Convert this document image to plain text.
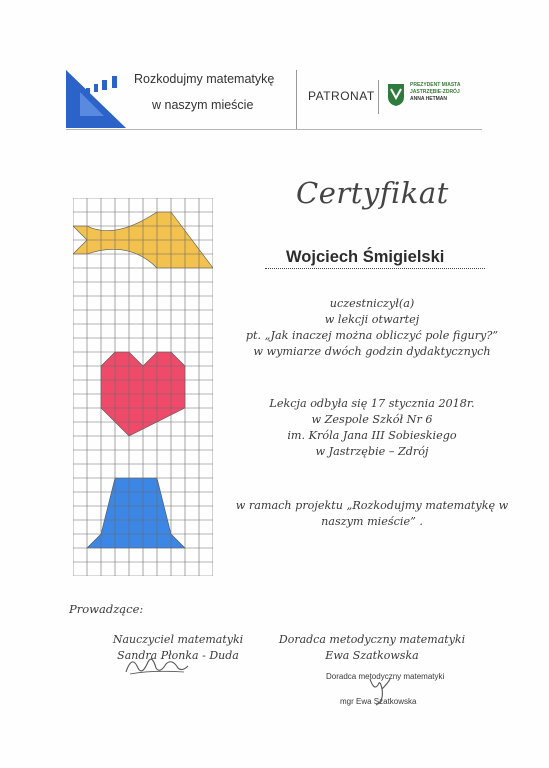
Rozkodujmy matematykę
w naszym mieście
PATRONAT
PREZYDENT MIASTA
JASTRZĘBIE-ZDRÓJ
ANNA HETMAN
Certyfikat
Wojciech Śmigielski
uczestniczył(a)
w lekcji otwartej
pt. „Jak inaczej można obliczyć pole figury?”
w wymiarze dwóch godzin dydaktycznych
Lekcja odbyła się 17 stycznia 2018r.
w Zespole Szkół Nr 6
im. Króla Jana III Sobieskiego
w Jastrzębie – Zdrój
w ramach projektu „Rozkodujmy matematykę w
naszym mieście” .
Prowadzące:
Nauczyciel matematyki
Sandra Płonka - Duda
Doradca metodyczny matematyki
Ewa Szatkowska
Doradca metodyczny matematyki
mgr Ewa Szatkowska
